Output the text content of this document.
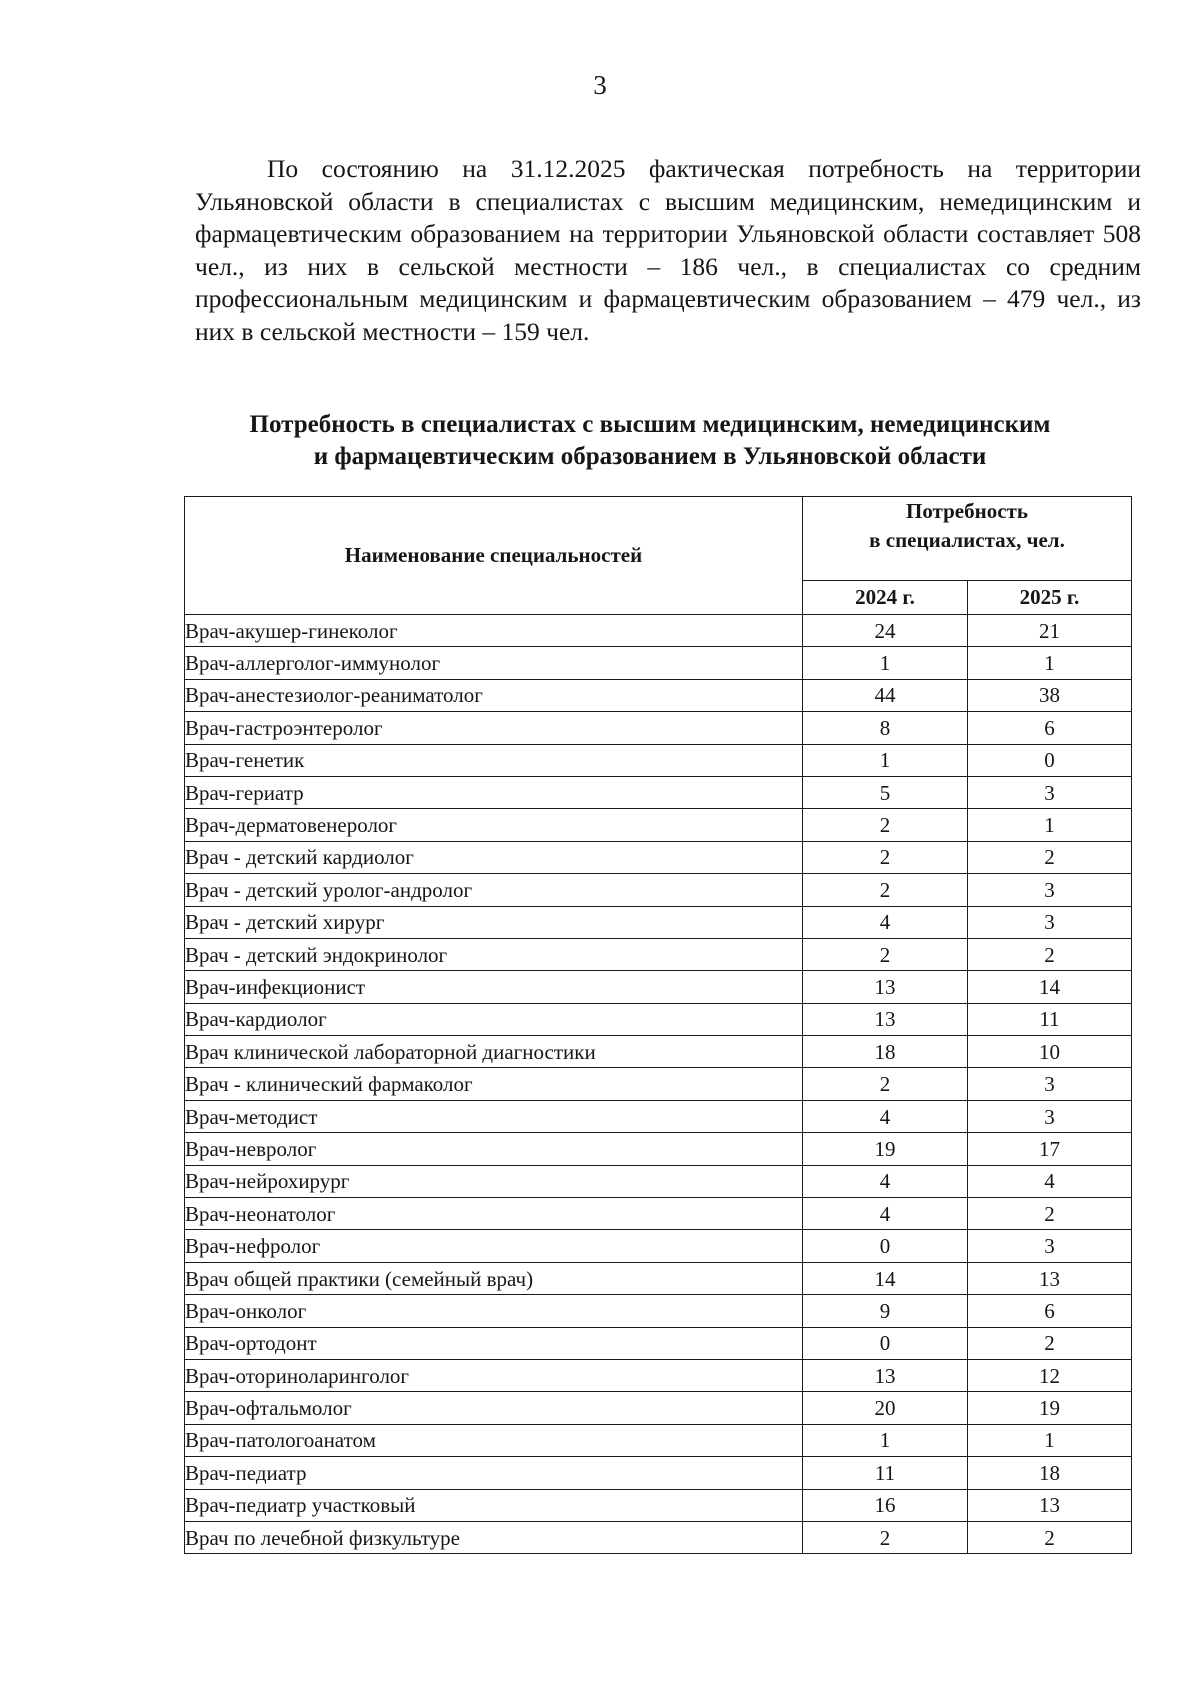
3

По состоянию на 31.12.2025 фактическая потребность на территории Ульяновской области в специалистах с высшим медицинским, немедицинским и фармацевтическим образованием на территории Ульяновской области составляет 508 чел., из них в сельской местности – 186 чел., в специалистах со средним профессиональным медицинским и фармацевтическим образованием – 479 чел., из них в сельской местности – 159 чел.

Потребность в специалистах с высшим медицинским, немедицинским
и фармацевтическим образованием в Ульяновской области
Наименование специальностей	Потребность
в специалистах, чел.	

	2024 г.	2025 г.
Врач-акушер-гинеколог	24	21
Врач-аллерголог-иммунолог	1	1
Врач-анестезиолог-реаниматолог	44	38
Врач-гастроэнтеролог	8	6
Врач-генетик	1	0
Врач-гериатр	5	3
Врач-дерматовенеролог	2	1
Врач - детский кардиолог	2	2
Врач - детский уролог-андролог	2	3
Врач - детский хирург	4	3
Врач - детский эндокринолог	2	2
Врач-инфекционист	13	14
Врач-кардиолог	13	11
Врач клинической лабораторной диагностики	18	10
Врач - клинический фармаколог	2	3
Врач-методист	4	3
Врач-невролог	19	17
Врач-нейрохирург	4	4
Врач-неонатолог	4	2
Врач-нефролог	0	3
Врач общей практики (семейный врач)	14	13
Врач-онколог	9	6
Врач-ортодонт	0	2
Врач-оториноларинголог	13	12
Врач-офтальмолог	20	19
Врач-патологоанатом	1	1
Врач-педиатр	11	18
Врач-педиатр участковый	16	13
Врач по лечебной физкультуре	2	2
